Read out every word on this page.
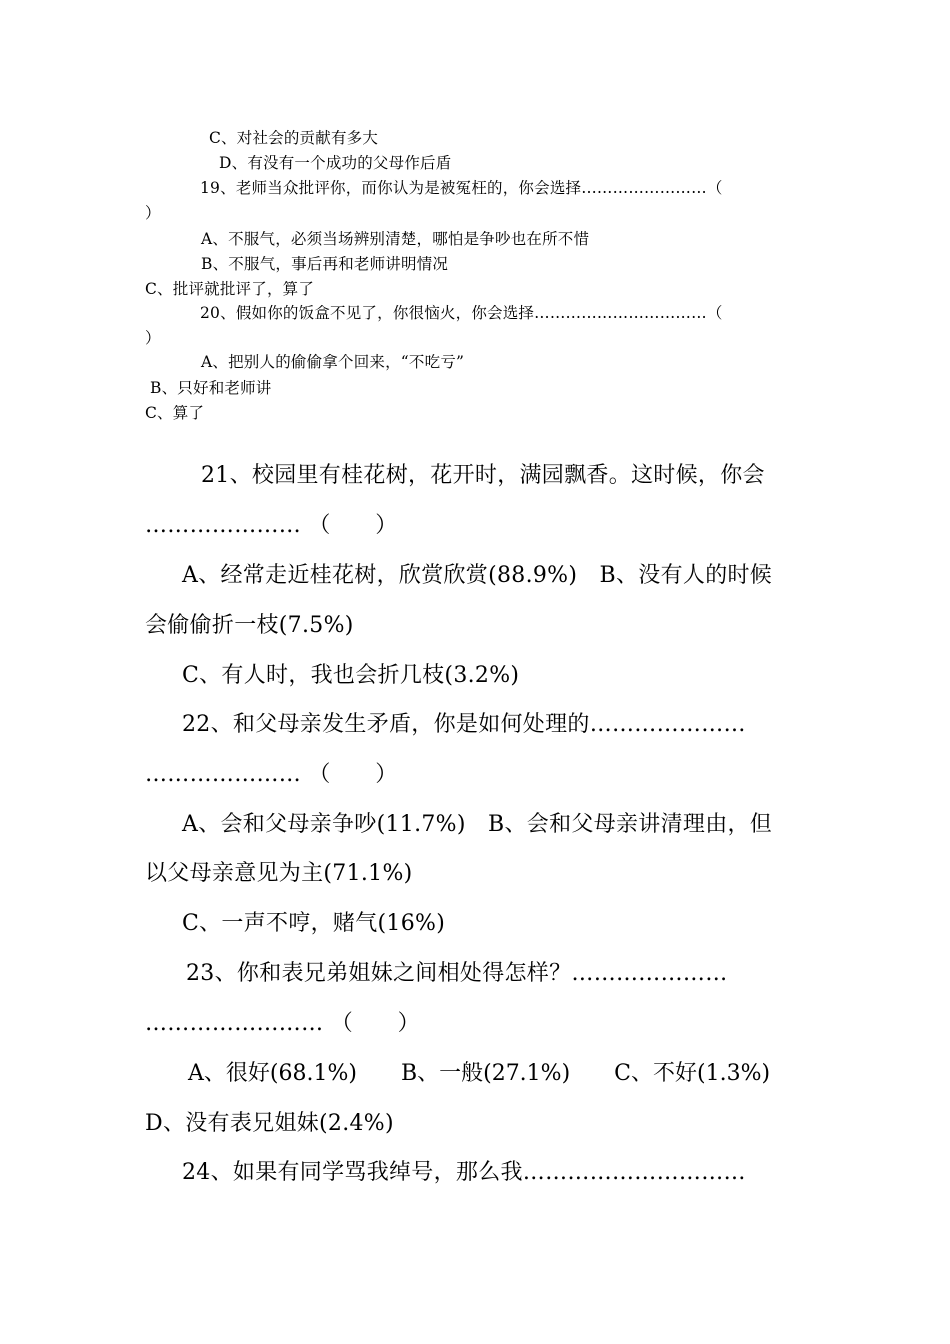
C、对社会的贡献有多大
D、有没有一个成功的父母作后盾
19、老师当众批评你，而你认为是被冤枉的，你会选择……………………（
）
A、不服气，必须当场辨别清楚，哪怕是争吵也在所不惜
B、不服气，事后再和老师讲明情况
C、批评就批评了，算了
20、假如你的饭盒不见了，你很恼火，你会选择……………………………（
）
A、把别人的偷偷拿个回来，“不吃亏”
B、只好和老师讲
C、算了
21、校园里有桂花树，花开时，满园飘香。这时候，你会
………………… （　　）
A、经常走近桂花树，欣赏欣赏(88.9%)　B、没有人的时候
会偷偷折一枝(7.5%)
C、有人时，我也会折几枝(3.2%)
22、和父母亲发生矛盾，你是如何处理的…………………
………………… （　　）
A、会和父母亲争吵(11.7%)　B、会和父母亲讲清理由，但
以父母亲意见为主(71.1%)
C、一声不哼，赌气(16%)
23、你和表兄弟姐妹之间相处得怎样？…………………
…………………… （　　）
A、很好(68.1%)　　B、一般(27.1%)　　C、不好(1.3%)
D、没有表兄姐妹(2.4%)
24、如果有同学骂我绰号，那么我…………………………
